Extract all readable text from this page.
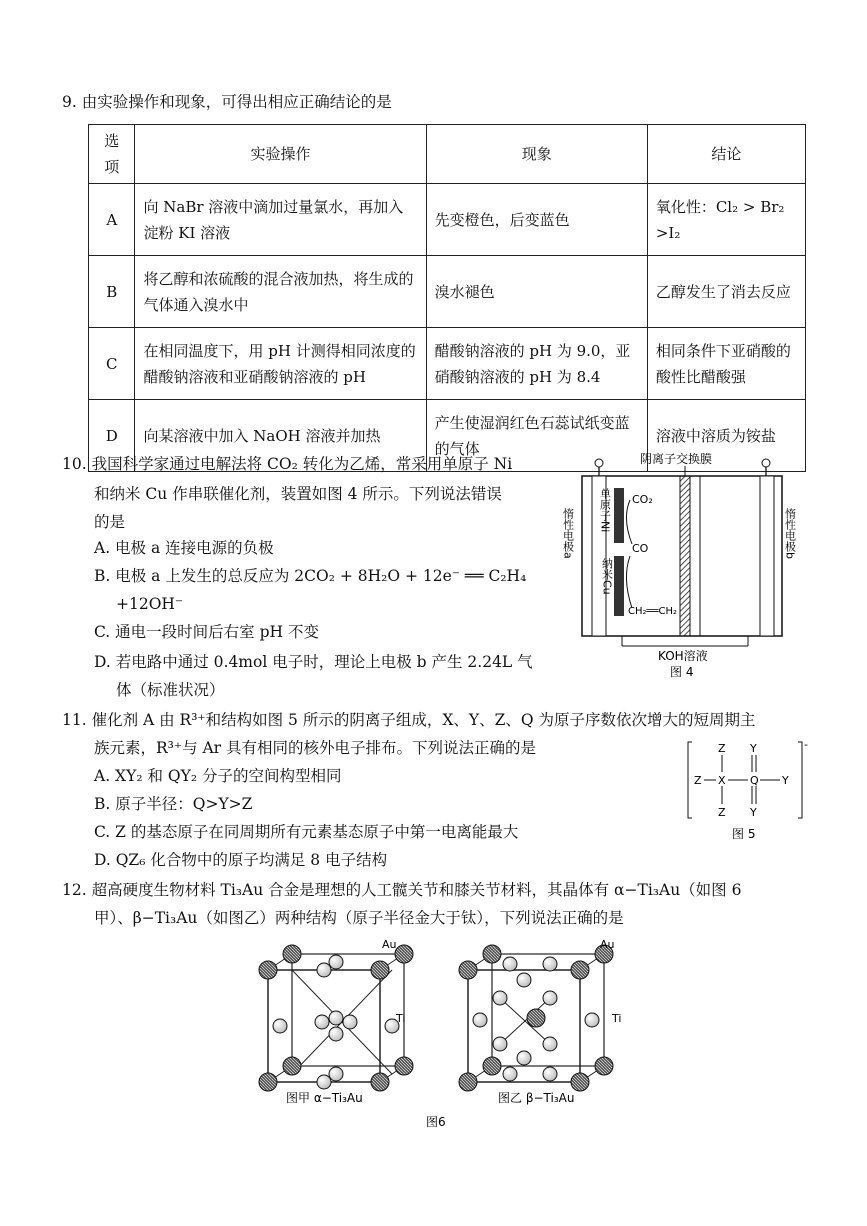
9. 由实验操作和现象，可得出相应正确结论的是
选项	实验操作	现象	结论
A	向 NaBr 溶液中滴加过量氯水，再加入淀粉 KI 溶液	先变橙色，后变蓝色	氧化性：Cl₂ > Br₂ >I₂
B	将乙醇和浓硫酸的混合液加热，将生成的气体通入溴水中	溴水褪色	乙醇发生了消去反应
C	在相同温度下，用 pH 计测得相同浓度的醋酸钠溶液和亚硝酸钠溶液的 pH	醋酸钠溶液的 pH 为 9.0，亚硝酸钠溶液的 pH 为 8.4	相同条件下亚硝酸的酸性比醋酸强
D	向某溶液中加入 NaOH 溶液并加热	产生使湿润红色石蕊试纸变蓝的气体	溶液中溶质为铵盐
10. 我国科学家通过电解法将 CO₂ 转化为乙烯，常采用单原子 Ni
和纳米 Cu 作串联催化剂，装置如图 4 所示。下列说法错误
的是
A. 电极 a 连接电源的负极
B. 电极 a 上发生的总反应为 2CO₂ + 8H₂O + 12e⁻ ══ C₂H₄
+12OH⁻
C. 通电一段时间后右室 pH 不变
D. 若电路中通过 0.4mol 电子时，理论上电极 b 产生 2.24L 气
体（标准状况）
阴离子交换膜
CO₂
CO
CH₂══CH₂
单原子Ni
纳米Cu
惰性电极a	惰性电极b
KOH溶液
图 4
11. 催化剂 A 由 R³⁺和结构如图 5 所示的阴离子组成，X、Y、Z、Q 为原子序数依次增大的短周期主
族元素，R³⁺与 Ar 具有相同的核外电子排布。下列说法正确的是
A. XY₂ 和 QY₂ 分子的空间构型相同
B. 原子半径：Q>Y>Z
C. Z 的基态原子在同周期所有元素基态原子中第一电离能最大
D. QZ₆ 化合物中的原子均满足 8 电子结构
-
Z
Z
Z X Q
Y
Y
Y
图 5
12. 超高硬度生物材料 Ti₃Au 合金是理想的人工髋关节和膝关节材料，其晶体有 α−Ti₃Au（如图 6
甲）、β−Ti₃Au（如图乙）两种结构（原子半径金大于钛），下列说法正确的是
Au
Ti
图甲 α−Ti₃Au
Au
Ti
图乙 β−Ti₃Au
图6
